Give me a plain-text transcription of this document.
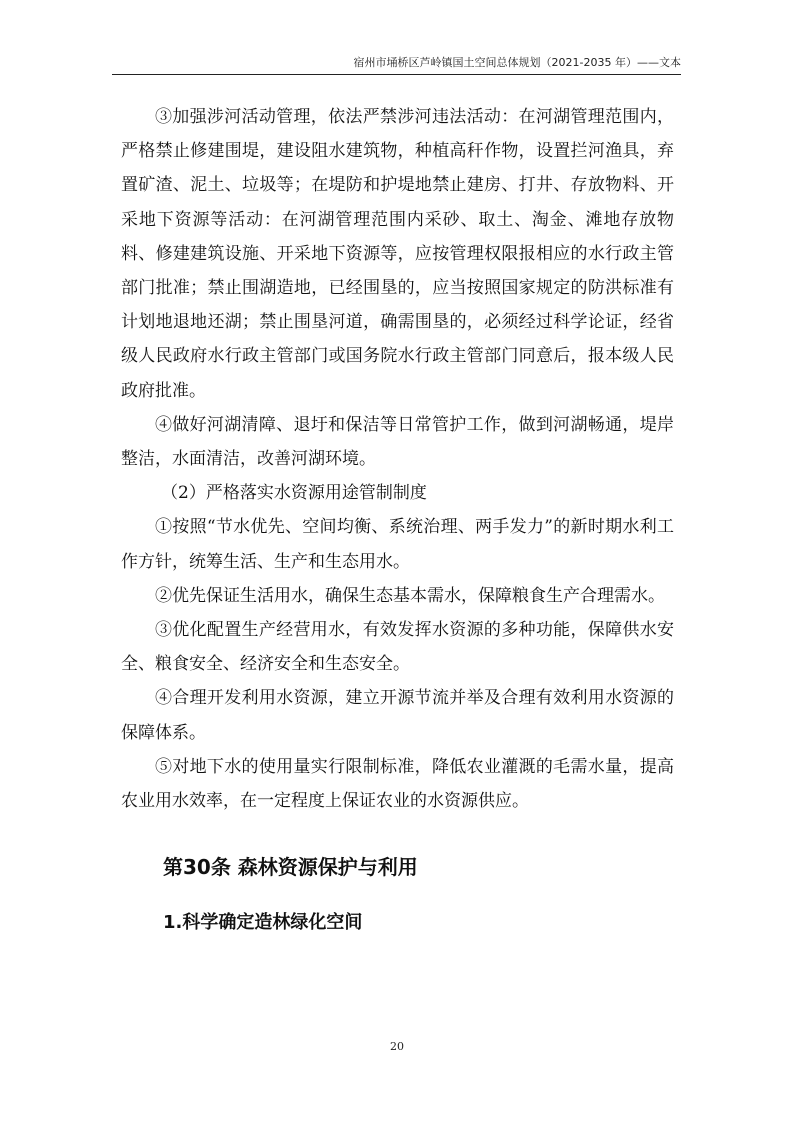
宿州市埇桥区芦岭镇国土空间总体规划（2021-2035 年）——文本

③加强涉河活动管理，依法严禁涉河违法活动：在河湖管理范围内，严格禁止修建围堤，建设阻水建筑物，种植高秆作物，设置拦河渔具，弃置矿渣、泥土、垃圾等；在堤防和护堤地禁止建房、打井、存放物料、开采地下资源等活动：在河湖管理范围内采砂、取土、淘金、滩地存放物料、修建建筑设施、开采地下资源等，应按管理权限报相应的水行政主管部门批准；禁止围湖造地，已经围垦的，应当按照国家规定的防洪标准有计划地退地还湖；禁止围垦河道，确需围垦的，必须经过科学论证，经省级人民政府水行政主管部门或国务院水行政主管部门同意后，报本级人民政府批准。

④做好河湖清障、退圩和保洁等日常管护工作，做到河湖畅通，堤岸整洁，水面清洁，改善河湖环境。

（2）严格落实水资源用途管制制度

①按照“节水优先、空间均衡、系统治理、两手发力”的新时期水利工作方针，统筹生活、生产和生态用水。

②优先保证生活用水，确保生态基本需水，保障粮食生产合理需水。

③优化配置生产经营用水，有效发挥水资源的多种功能，保障供水安全、粮食安全、经济安全和生态安全。

④合理开发利用水资源，建立开源节流并举及合理有效利用水资源的保障体系。

⑤对地下水的使用量实行限制标准，降低农业灌溉的毛需水量，提高农业用水效率，在一定程度上保证农业的水资源供应。

第30条 森林资源保护与利用
1.科学确定造林绿化空间
20
